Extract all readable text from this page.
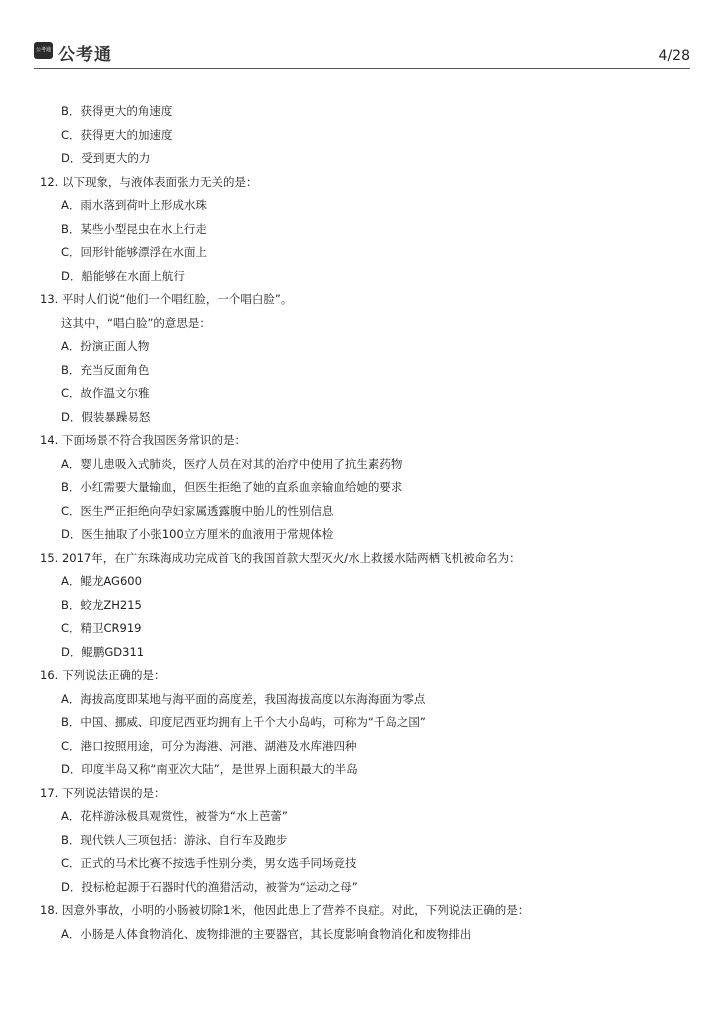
公考通 公考通	4/28
B．获得更大的角速度
C．获得更大的加速度
D．受到更大的力
12. 以下现象，与液体表面张力无关的是：
A．雨水落到荷叶上形成水珠
B．某些小型昆虫在水上行走
C．回形针能够漂浮在水面上
D．船能够在水面上航行
13. 平时人们说“他们一个唱红脸，一个唱白脸”。
这其中，“唱白脸”的意思是：
A．扮演正面人物
B．充当反面角色
C．故作温文尔雅
D．假装暴躁易怒
14. 下面场景不符合我国医务常识的是：
A．婴儿患吸入式肺炎，医疗人员在对其的治疗中使用了抗生素药物
B．小红需要大量输血，但医生拒绝了她的直系血亲输血给她的要求
C．医生严正拒绝向孕妇家属透露腹中胎儿的性别信息
D．医生抽取了小张100立方厘米的血液用于常规体检
15. 2017年，在广东珠海成功完成首飞的我国首款大型灭火/水上救援水陆两栖飞机被命名为：
A．鲲龙AG600
B．蛟龙ZH215
C．精卫CR919
D．鲲鹏GD311
16. 下列说法正确的是：
A．海拔高度即某地与海平面的高度差，我国海拔高度以东海海面为零点
B．中国、挪威、印度尼西亚均拥有上千个大小岛屿，可称为“千岛之国”
C．港口按照用途，可分为海港、河港、湖港及水库港四种
D．印度半岛又称“南亚次大陆”，是世界上面积最大的半岛
17. 下列说法错误的是：
A．花样游泳极具观赏性，被誉为“水上芭蕾”
B．现代铁人三项包括：游泳、自行车及跑步
C．正式的马术比赛不按选手性别分类，男女选手同场竞技
D．投标枪起源于石器时代的渔猎活动，被誉为“运动之母”
18. 因意外事故，小明的小肠被切除1米，他因此患上了营养不良症。对此，下列说法正确的是：
A．小肠是人体食物消化、废物排泄的主要器官，其长度影响食物消化和废物排出
